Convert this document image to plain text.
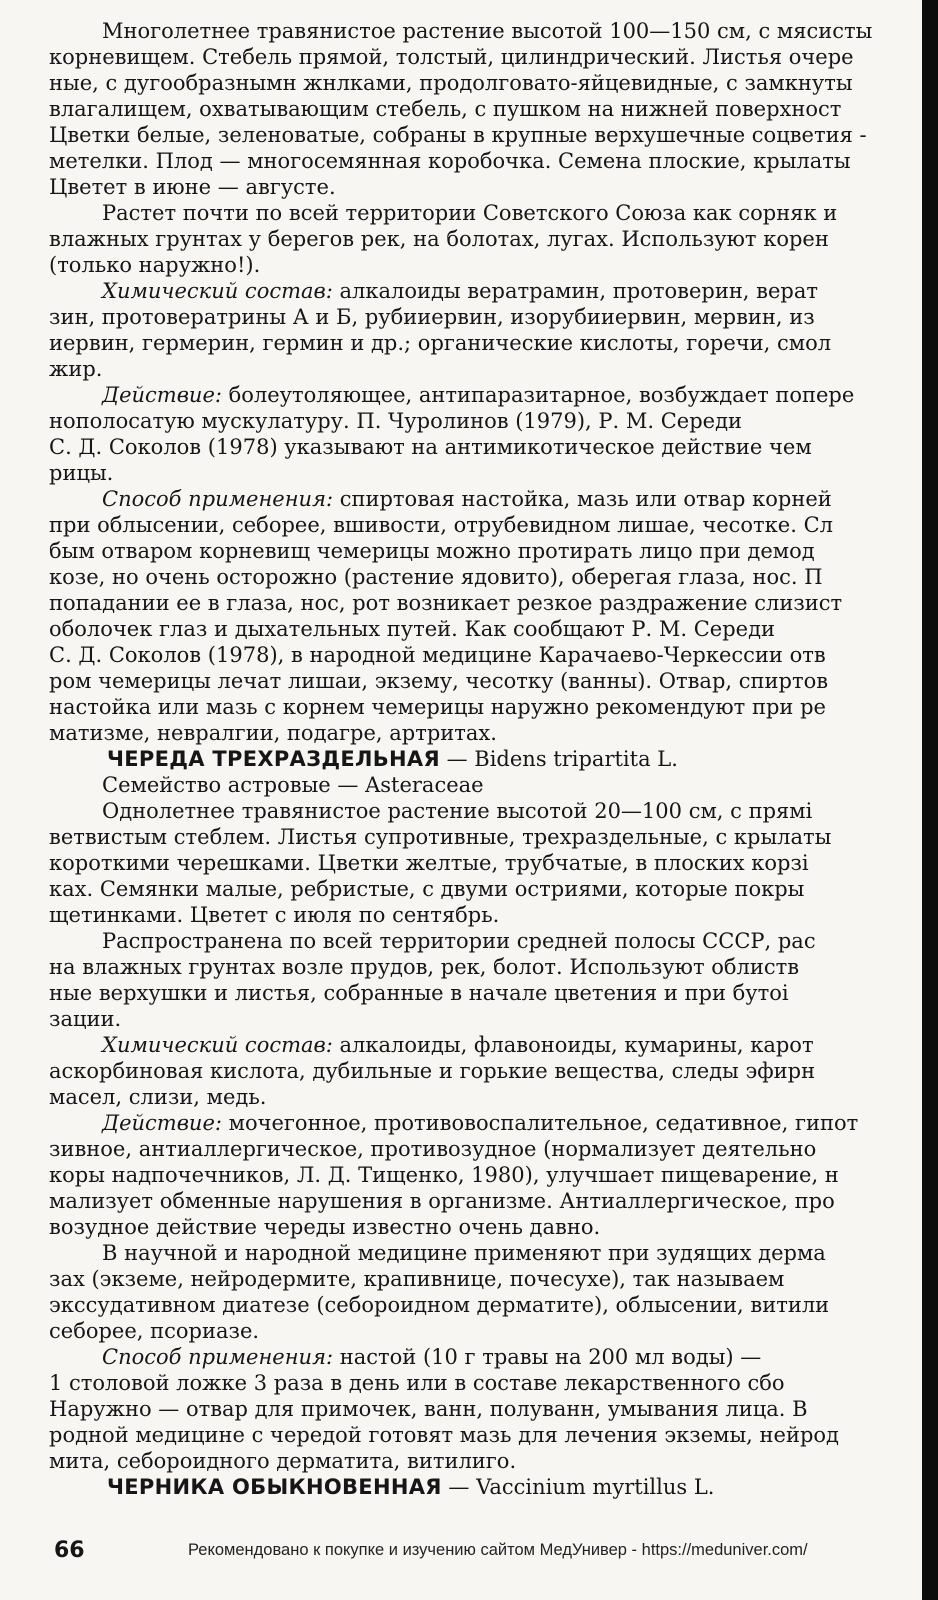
Многолетнее травянистое растение высотой 100—150 см, с мясисты
корневищем. Стебель прямой, толстый, цилиндрический. Листья очере
ные, с дугообразнымн жнлками, продолговато-яйцевидные, с замкнуты
влагалищем, охватывающим стебель, с пушком на нижней поверхност
Цветки белые, зеленоватые, собраны в крупные верхушечные соцветия -
метелки. Плод — многосемянная коробочка. Семена плоские, крылаты
Цветет в июне — августе.
Растет почти по всей территории Советского Союза как сорняк и
влажных грунтах у берегов рек, на болотах, лугах. Используют корен
(только наружно!).
Химический состав: алкалоиды вератрамин, протоверин, верат
зин, протовератрины А и Б, рубииервин, изорубииервин, мервин, из
иервин, гермерин, гермин и др.; органические кислоты, горечи, смол
жир.
Действие: болеутоляющее, антипаразитарное, возбуждает попере
нополосатую мускулатуру. П. Чуролинов (1979), Р. М. Середи
С. Д. Соколов (1978) указывают на антимикотическое действие чем
рицы.
Способ применения: спиртовая настойка, мазь или отвар корней
при облысении, себорее, вшивости, отрубевидном лишае, чесотке. Сл
бым отваром корневищ чемерицы можно протирать лицо при демод
козе, но очень осторожно (растение ядовито), оберегая глаза, нос. П
попадании ее в глаза, нос, рот возникает резкое раздражение слизист
оболочек глаз и дыхательных путей. Как сообщают Р. М. Середи
С. Д. Соколов (1978), в народной медицине Карачаево-Черкессии отв
ром чемерицы лечат лишаи, экзему, чесотку (ванны). Отвар, спиртов
настойка или мазь с корнем чемерицы наружно рекомендуют при ре
матизме, невралгии, подагре, артритах.
ЧЕРЕДА ТРЕХРАЗДЕЛЬНАЯ — Bidens tripartita L.
Семейство астровые — Asteraceae
Однолетнее травянистое растение высотой 20—100 см, с прямі
ветвистым стеблем. Листья супротивные, трехраздельные, с крылаты
короткими черешками. Цветки желтые, трубчатые, в плоских корзі
ках. Семянки малые, ребристые, с двуми остриями, которые покры
щетинками. Цветет с июля по сентябрь.
Распространена по всей территории средней полосы СССР, рас
на влажных грунтах возле прудов, рек, болот. Используют облиств
ные верхушки и листья, собранные в начале цветения и при бутоі
зации.
Химический состав: алкалоиды, флавоноиды, кумарины, карот
аскорбиновая кислота, дубильные и горькие вещества, следы эфирн
масел, слизи, медь.
Действие: мочегонное, противовоспалительное, седативное, гипот
зивное, антиаллергическое, противозудное (нормализует деятельно
коры надпочечников, Л. Д. Тищенко, 1980), улучшает пищеварение, н
мализует обменные нарушения в организме. Антиаллергическое, про
возудное действие череды известно очень давно.
В научной и народной медицине применяют при зудящих дерма
зах (экземе, нейродермите, крапивнице, почесухе), так называем
экссудативном диатезе (себороидном дерматите), облысении, витили
себорее, псориазе.
Способ применения: настой (10 г травы на 200 мл воды) —
1 столовой ложке 3 раза в день или в составе лекарственного сбо
Наружно — отвар для примочек, ванн, полуванн, умывания лица. В
родной медицине с чередой готовят мазь для лечения экземы, нейрод
мита, себороидного дерматита, витилиго.
ЧЕРНИКА ОБЫКНОВЕННАЯ — Vaccinium myrtillus L.
66	Рекомендовано к покупке и изучению сайтом МедУнивер - https://meduniver.com/
